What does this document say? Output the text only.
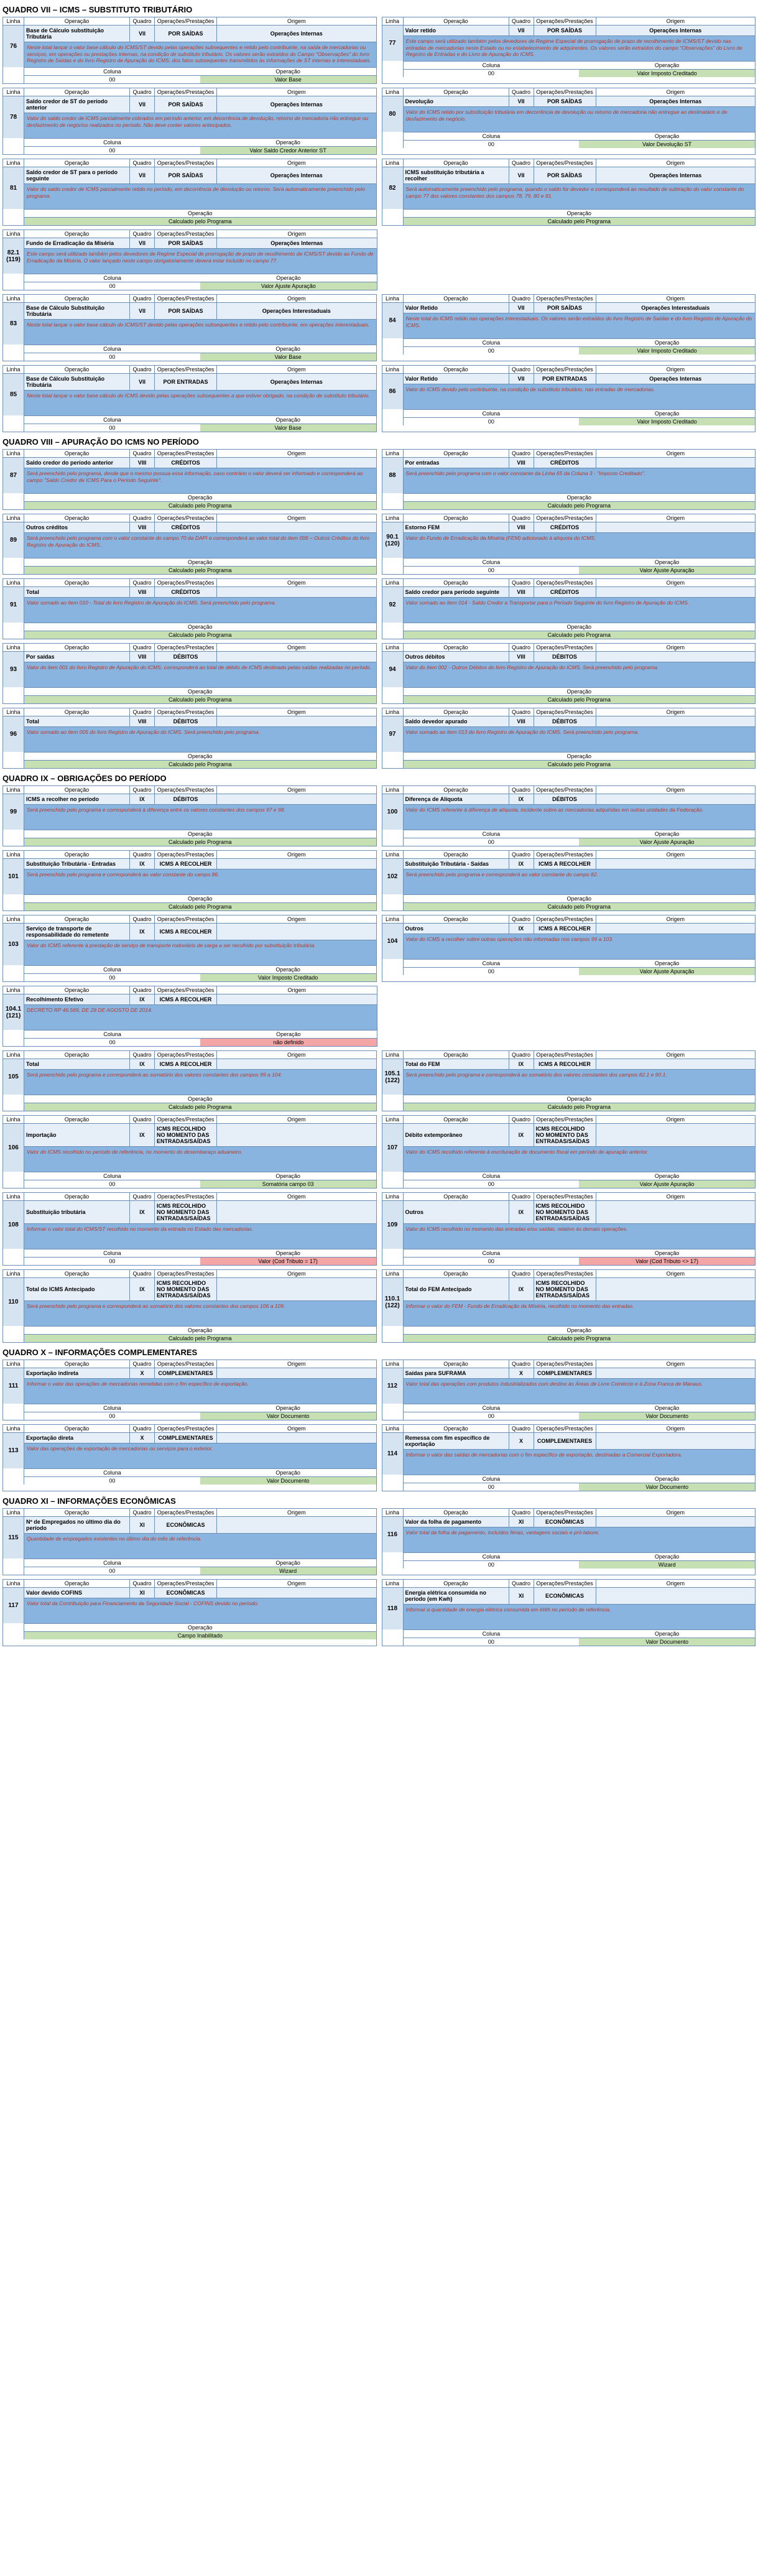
QUADRO VII – ICMS – SUBSTITUTO TRIBUTÁRIO
Linha	Operação	Quadro	Operações/Prestações	Origem
76
Base de Cálculo substituição Tributária	VII	POR SAÍDAS	Operações Internas
Neste total lançar o valor base cálculo do ICMS/ST devido pelas operações subsequentes e retido pelo contribuinte, na saída de mercadorias ou serviços, em operações ou prestações internas, na condição de substituto tributário. Os valores serão extraídos do Campo "Observações" do livro Registro de Saídas e do livro Registro de Apuração do ICMS, dos fatos subsequentes transmitidos às informações de ST internas e interestaduais.
Coluna	Operação
00	Valor Base
Linha	Operação	Quadro	Operações/Prestações	Origem
77
Valor retido	VII	POR SAÍDAS	Operações Internas
Este campo será utilizado também pelos devedores de Regime Especial de prorrogação de prazo de recolhimento de ICMS/ST devido nas entradas de mercadorias neste Estado ou no estabelecimento de adquirentes. Os valores serão extraídos do campo "Observações" do Livro de Registro de Entradas e do Livro de Apuração do ICMS.
Coluna	Operação
00	Valor Imposto Creditado
Linha	Operação	Quadro	Operações/Prestações	Origem
78
Saldo credor de ST do período anterior	VII	POR SAÍDAS	Operações Internas
Valor do saldo credor de ICMS parcialmente cobrados em período anterior, em decorrência de devolução, retorno de mercadoria não entregue ou desfazimento de negócios realizados no período. Não deve conter valores antecipados.
Coluna	Operação
00	Valor Saldo Credor Anterior ST
Linha	Operação	Quadro	Operações/Prestações	Origem
80
Devolução	VII	POR SAÍDAS	Operações Internas
Valor do ICMS retido por substituição tributária em decorrência de devolução ou retorno de mercadoria não entregue ao destinatário e de desfazimento de negócio.
Coluna	Operação
00	Valor Devolução ST
Linha	Operação	Quadro	Operações/Prestações	Origem
81
Saldo credor de ST para o período seguinte	VII	POR SAÍDAS	Operações Internas
Valor do saldo credor de ICMS parcialmente retido no período, em decorrência de devolução ou retorno. Será automaticamente preenchido pelo programa.
Operação
Calculado pelo Programa
Linha	Operação	Quadro	Operações/Prestações	Origem
82
ICMS substituição tributária a recolher	VII	POR SAÍDAS	Operações Internas
Será automaticamente preenchido pelo programa, quando o saldo for devedor e corresponderá ao resultado de subtração do valor constante do campo 77 dos valores constantes dos campos 78, 79, 80 e 81.
Operação
Calculado pelo Programa
Linha	Operação	Quadro	Operações/Prestações	Origem
82.1 (119)
Fundo de Erradicação da Miséria	VII	POR SAÍDAS	Operações Internas
Este campo será utilizado também pelos devedores de Regime Especial de prorrogação de prazo de recolhimento de ICMS/ST devido ao Fundo de Erradicação da Miséria. O valor lançado neste campo obrigatoriamente deverá estar incluído no campo 77.
Coluna	Operação
00	Valor Ajuste Apuração
Linha	Operação	Quadro	Operações/Prestações	Origem
83
Base de Cálculo Substituição Tributária	VII	POR SAÍDAS	Operações Interestaduais
Neste total lançar o valor base cálculo do ICMS/ST devido pelas operações subsequentes e retido pelo contribuinte, em operações interestaduais.
Coluna	Operação
00	Valor Base
Linha	Operação	Quadro	Operações/Prestações	Origem
84
Valor Retido	VII	POR SAÍDAS	Operações Interestaduais
Neste total do ICMS retido nas operações interestaduais. Os valores serão extraídos do livro Registro de Saídas e do livro Registro de Apuração do ICMS.
Coluna	Operação
00	Valor Imposto Creditado
Linha	Operação	Quadro	Operações/Prestações	Origem
85
Base de Cálculo Substituição Tributária	VII	POR ENTRADAS	Operações Internas
Neste total lançar o valor base cálculo do ICMS devido pelas operações subsequentes a que estiver obrigado, na condição de substituto tributário.
Coluna	Operação
00	Valor Base
Linha	Operação	Quadro	Operações/Prestações	Origem
86
Valor Retido	VII	POR ENTRADAS	Operações Internas
Valor do ICMS devido pelo contribuinte, na condição de substituto tributário, nas entradas de mercadorias.
Coluna	Operação
00	Valor Imposto Creditado
QUADRO VIII – APURAÇÃO DO ICMS NO PERÍODO
Linha	Operação	Quadro	Operações/Prestações	Origem
87
Saldo credor do período anterior	VIII	CRÉDITOS
Será preenchido pelo programa, desde que o mesmo possua essa informação, caso contrário o valor deverá ser informado e corresponderá ao campo "Saldo Credor de ICMS Para o Período Seguinte".
Operação
Calculado pelo Programa
Linha	Operação	Quadro	Operações/Prestações	Origem
88
Por entradas	VIII	CRÉDITOS
Será preenchido pelo programa com o valor constante da Linha 65 da Coluna 3 - "Imposto Creditado".
Operação
Calculado pelo Programa
Linha	Operação	Quadro	Operações/Prestações	Origem
89
Outros créditos	VIII	CRÉDITOS
Será preenchido pelo programa com o valor constante do campo 70 da DAPI e corresponderá ao valor total do item 006 – Outros Créditos do livro Registro de Apuração do ICMS.
Operação
Calculado pelo Programa
Linha	Operação	Quadro	Operações/Prestações	Origem
90.1 (120)
Estorno FEM	VIII	CRÉDITOS
Valor do Fundo de Erradicação da Miséria (FEM) adicionado à alíquota do ICMS.
Coluna	Operação
00	Valor Ajuste Apuração
Linha	Operação	Quadro	Operações/Prestações	Origem
91
Total	VIII	CRÉDITOS
Valor somado ao item 010 - Total do livro Registro de Apuração do ICMS. Será preenchido pelo programa.
Operação
Calculado pelo Programa
Linha	Operação	Quadro	Operações/Prestações	Origem
92
Saldo credor para período seguinte	VIII	CRÉDITOS
Valor somado ao item 014 - Saldo Credor a Transportar para o Período Seguinte do livro Registro de Apuração do ICMS.
Operação
Calculado pelo Programa
Linha	Operação	Quadro	Operações/Prestações	Origem
93
Por saídas	VIII	DÉBITOS
Valor do item 001 do livro Registro de Apuração do ICMS, corresponderá ao total de débito de ICMS destinado pelas saídas realizadas no período.
Operação
Calculado pelo Programa
Linha	Operação	Quadro	Operações/Prestações	Origem
94
Outros débitos	VIII	DÉBITOS
Valor do item 002 - Outros Débitos do livro Registro de Apuração do ICMS. Será preenchido pelo programa.
Operação
Calculado pelo Programa
Linha	Operação	Quadro	Operações/Prestações	Origem
96
Total	VIII	DÉBITOS
Valor somado ao item 005 do livro Registro de Apuração do ICMS. Será preenchido pelo programa.
Operação
Calculado pelo Programa
Linha	Operação	Quadro	Operações/Prestações	Origem
97
Saldo devedor apurado	VIII	DÉBITOS
Valor somado ao item 013 do livro Registro de Apuração do ICMS. Será preenchido pelo programa.
Operação
Calculado pelo Programa
QUADRO IX – OBRIGAÇÕES DO PERÍODO
Linha	Operação	Quadro	Operações/Prestações	Origem
99
ICMS a recolher no período	IX	DÉBITOS
Será preenchido pelo programa e corresponderá à diferença entre os valores constantes dos campos 97 e 98.
Operação
Calculado pelo Programa
Linha	Operação	Quadro	Operações/Prestações	Origem
100
Diferença de Alíquota	IX	DÉBITOS
Valor do ICMS referente à diferença de alíquota, incidente sobre as mercadorias adquiridas em outras unidades da Federação.
Coluna	Operação
00	Valor Ajuste Apuração
Linha	Operação	Quadro	Operações/Prestações	Origem
101
Substituição Tributária - Entradas	IX	ICMS A RECOLHER
Será preenchido pelo programa e corresponderá ao valor constante do campo 86.
Operação
Calculado pelo Programa
Linha	Operação	Quadro	Operações/Prestações	Origem
102
Substituição Tributária - Saídas	IX	ICMS A RECOLHER
Será preenchido pelo programa e corresponderá ao valor constante do campo 82.
Operação
Calculado pelo Programa
Linha	Operação	Quadro	Operações/Prestações	Origem
103
Serviço de transporte de responsabilidade do remetente	IX	ICMS A RECOLHER
Valor do ICMS referente à prestação de serviço de transporte rodoviário de carga a ser recolhido por substituição tributária.
Coluna	Operação
00	Valor Imposto Creditado
Linha	Operação	Quadro	Operações/Prestações	Origem
104
Outros	IX	ICMS A RECOLHER
Valor do ICMS a recolher sobre outras operações não informadas nos campos 99 a 103.
Coluna	Operação
00	Valor Ajuste Apuração
Linha	Operação	Quadro	Operações/Prestações	Origem
104.1 (121)
Recolhimento Efetivo	IX	ICMS A RECOLHER
DECRETO RP 46.569, DE 28 DE AGOSTO DE 2014.
Coluna	Operação
00	não definido
Linha	Operação	Quadro	Operações/Prestações	Origem
105
Total	IX	ICMS A RECOLHER
Será preenchido pelo programa e corresponderá ao somatório dos valores constantes dos campos 99 a 104.
Operação
Calculado pelo Programa
Linha	Operação	Quadro	Operações/Prestações	Origem
105.1 (122)
Total do FEM	IX	ICMS A RECOLHER
Será preenchido pelo programa e corresponderá ao somatório dos valores constantes dos campos 82.1 e 90.1.
Operação
Calculado pelo Programa
Linha	Operação	Quadro	Operações/Prestações	Origem
106
Importação	IX
ICMS RECOLHIDO NO MOMENTO DAS ENTRADAS/SAÍDAS
Valor do ICMS recolhido no período de referência, no momento do desembaraço aduaneiro.
Coluna	Operação
00	Somatória campo 03
Linha	Operação	Quadro	Operações/Prestações	Origem
107
Débito extemporâneo	IX
ICMS RECOLHIDO NO MOMENTO DAS ENTRADAS/SAÍDAS
Valor do ICMS recolhido referente à escrituração de documento fiscal em período de apuração anterior.
Coluna	Operação
00	Valor Ajuste Apuração
Linha	Operação	Quadro	Operações/Prestações	Origem
108
Substituição tributária	IX
ICMS RECOLHIDO NO MOMENTO DAS ENTRADAS/SAÍDAS
Informar o valor total do ICMS/ST recolhido no momento da entrada no Estado das mercadorias.
Coluna	Operação
00	Valor (Cod Tributo = 17)
Linha	Operação	Quadro	Operações/Prestações	Origem
109
Outros	IX
ICMS RECOLHIDO NO MOMENTO DAS ENTRADAS/SAÍDAS
Valor do ICMS recolhido no momento das entradas e/ou saídas, relativo às demais operações.
Coluna	Operação
00	Valor (Cod Tributo <> 17)
Linha	Operação	Quadro	Operações/Prestações	Origem
110
Total do ICMS Antecipado	IX
ICMS RECOLHIDO NO MOMENTO DAS ENTRADAS/SAÍDAS
Será preenchido pelo programa e corresponderá ao somatório dos valores constantes dos campos 106 a 109.
Operação
Calculado pelo Programa
Linha	Operação	Quadro	Operações/Prestações	Origem
110.1 (122)
Total do FEM Antecipado	IX
ICMS RECOLHIDO NO MOMENTO DAS ENTRADAS/SAÍDAS
Informar o valor do FEM - Fundo de Erradicação da Miséria, recolhido no momento das entradas.
Operação
Calculado pelo Programa
QUADRO X – INFORMAÇÕES COMPLEMENTARES
Linha	Operação	Quadro	Operações/Prestações	Origem
111
Exportação indireta	X	COMPLEMENTARES
Informar o valor das operações de mercadorias remetidas com o fim específico de exportação.
Coluna	Operação
00	Valor Documento
Linha	Operação	Quadro	Operações/Prestações	Origem
112
Saídas para SUFRAMA	X	COMPLEMENTARES
Valor total das operações com produtos industrializados com destino às Áreas de Livre Comércio e à Zona Franca de Manaus.
Coluna	Operação
00	Valor Documento
Linha	Operação	Quadro	Operações/Prestações	Origem
113
Exportação direta	X	COMPLEMENTARES
Valor das operações de exportação de mercadorias ou serviços para o exterior.
Coluna	Operação
00	Valor Documento
Linha	Operação	Quadro	Operações/Prestações	Origem
114
Remessa com fim específico de exportação	X	COMPLEMENTARES
Informar o valor das saídas de mercadorias com o fim específico de exportação, destinadas a Comercial Exportadora.
Coluna	Operação
00	Valor Documento
QUADRO XI – INFORMAÇÕES ECONÔMICAS
Linha	Operação	Quadro	Operações/Prestações	Origem
115
Nº de Empregados no último dia do período	XI	ECONÔMICAS
Quantidade de empregados existentes no último dia do mês de referência.
Coluna	Operação
00	Wizard
Linha	Operação	Quadro	Operações/Prestações	Origem
116
Valor da folha de pagamento	XI	ECONÔMICAS
Valor total da folha de pagamento, incluídos férias, vantagens sociais e pró-labore.
Coluna	Operação
00	Wizard
Linha	Operação	Quadro	Operações/Prestações	Origem
117
Valor devido COFINS	XI	ECONÔMICAS
Valor total da Contribuição para Financiamento da Seguridade Social - COFINS devido no período.
Operação
Campo Inabilitado
Linha	Operação	Quadro	Operações/Prestações	Origem
118
Energia elétrica consumida no período (em Kwh)	XI	ECONÔMICAS
Informar a quantidade de energia elétrica consumida em kWh no período de referência.
Coluna	Operação
00	Valor Documento
